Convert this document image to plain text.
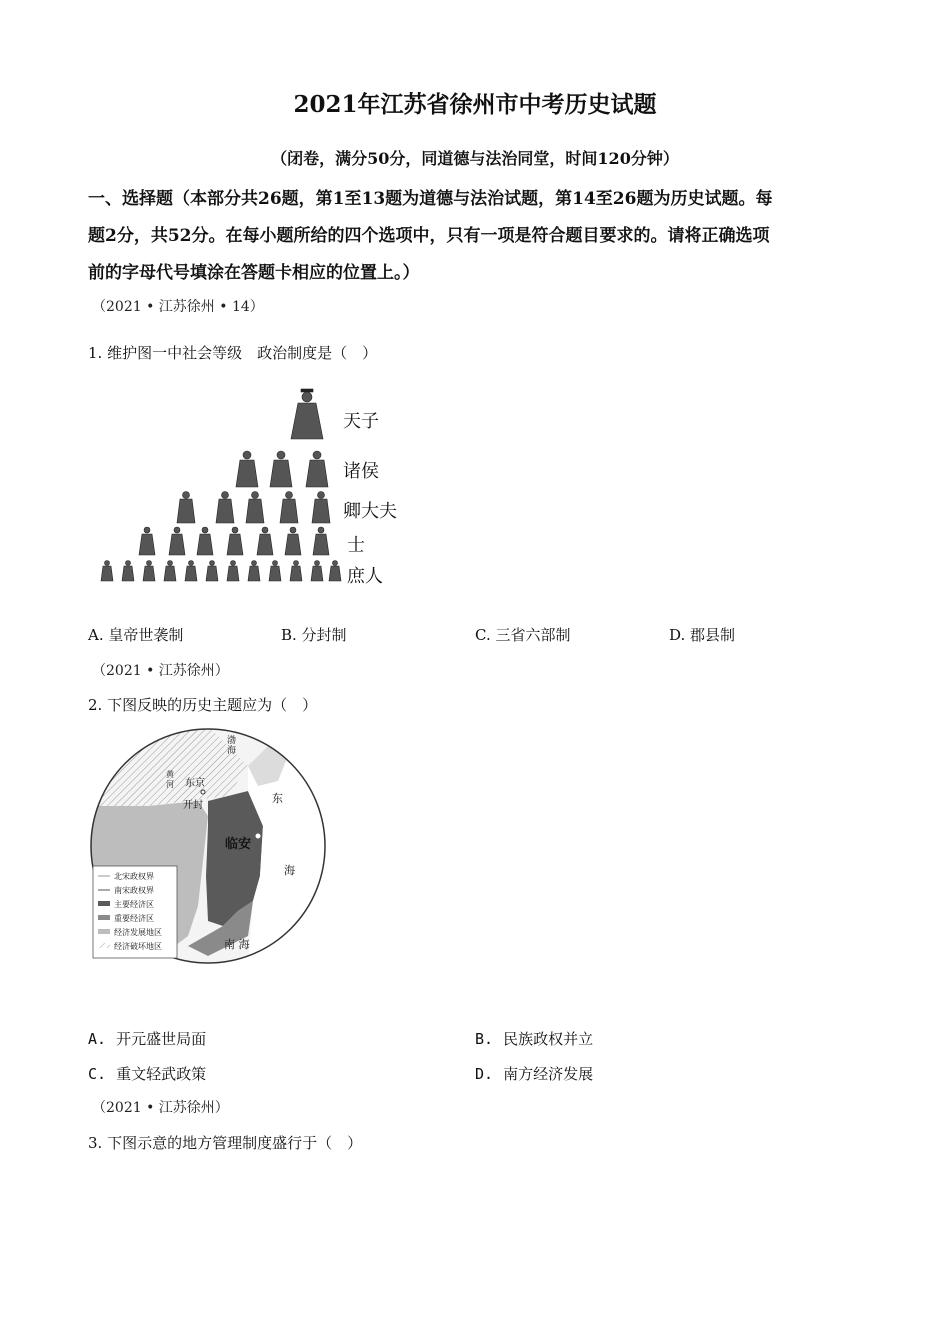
2021年江苏省徐州市中考历史试题
（闭卷，满分50分，同道德与法治同堂，时间120分钟）
一、选择题（本部分共26题，第1至13题为道德与法治试题，第14至26题为历史试题。每
题2分，共52分。在每小题所给的四个选项中，只有一项是符合题目要求的。请将正确选项
前的字母代号填涂在答题卡相应的位置上。）
（2021 • 江苏徐州 • 14）
1. 维护图一中社会等级　政治制度是（　）
天子
诸侯
卿大夫
士
庶人
A. 皇帝世袭制	B. 分封制	C. 三省六部制	D. 郡县制
（2021 • 江苏徐州）
2. 下图反映的历史主题应为（　）
渤
海
黄
河 东京
开封
临安
东
海
南 海
北宋政权界
南宋政权界
主要经济区
重要经济区
经济发展地区
经济破坏地区
A. 开元盛世局面	B. 民族政权并立
C. 重文轻武政策	D. 南方经济发展
（2021 • 江苏徐州）
3. 下图示意的地方管理制度盛行于（　）
